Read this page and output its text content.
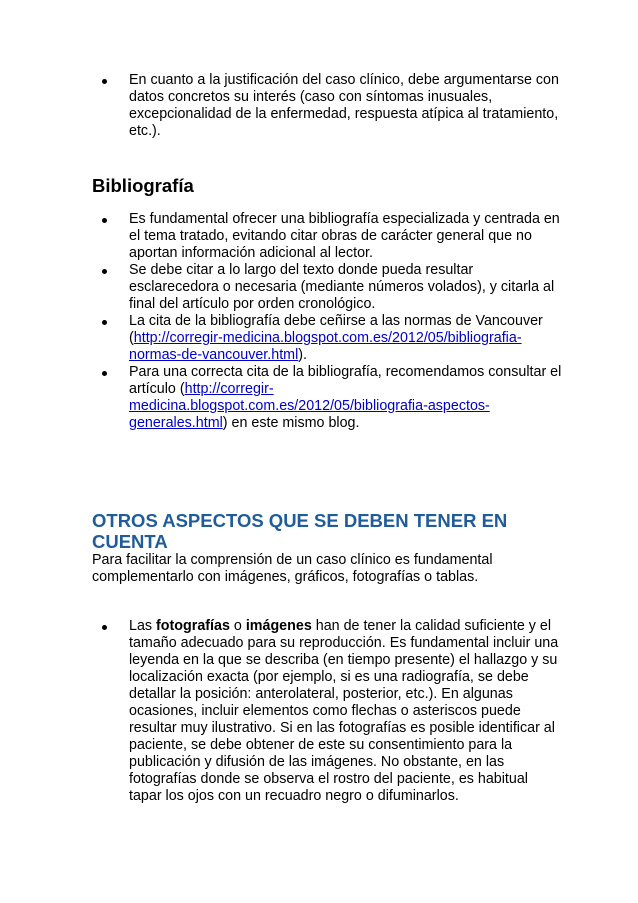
En cuanto a la justificación del caso clínico, debe argumentarse con datos concretos su interés (caso con síntomas inusuales, excepcionalidad de la enfermedad, respuesta atípica al tratamiento, etc.).
Bibliografía
Es fundamental ofrecer una bibliografía especializada y centrada en el tema tratado, evitando citar obras de carácter general que no aportan información adicional al lector.
Se debe citar a lo largo del texto donde pueda resultar esclarecedora o necesaria (mediante números volados), y citarla al final del artículo por orden cronológico.
La cita de la bibliografía debe ceñirse a las normas de Vancouver (http://corregir-medicina.blogspot.com.es/2012/05/bibliografia-normas-de-vancouver.html).
Para una correcta cita de la bibliografía, recomendamos consultar el artículo (http://corregir-medicina.blogspot.com.es/2012/05/bibliografia-aspectos-generales.html) en este mismo blog.
OTROS ASPECTOS QUE SE DEBEN TENER EN CUENTA

Para facilitar la comprensión de un caso clínico es fundamental complementarlo con imágenes, gráficos, fotografías o tablas.

Las fotografías o imágenes han de tener la calidad suficiente y el tamaño adecuado para su reproducción. Es fundamental incluir una leyenda en la que se describa (en tiempo presente) el hallazgo y su localización exacta (por ejemplo, si es una radiografía, se debe detallar la posición: anterolateral, posterior, etc.). En algunas ocasiones, incluir elementos como flechas o asteriscos puede resultar muy ilustrativo. Si en las fotografías es posible identificar al paciente, se debe obtener de este su consentimiento para la publicación y difusión de las imágenes. No obstante, en las fotografías donde se observa el rostro del paciente, es habitual tapar los ojos con un recuadro negro o difuminarlos.
